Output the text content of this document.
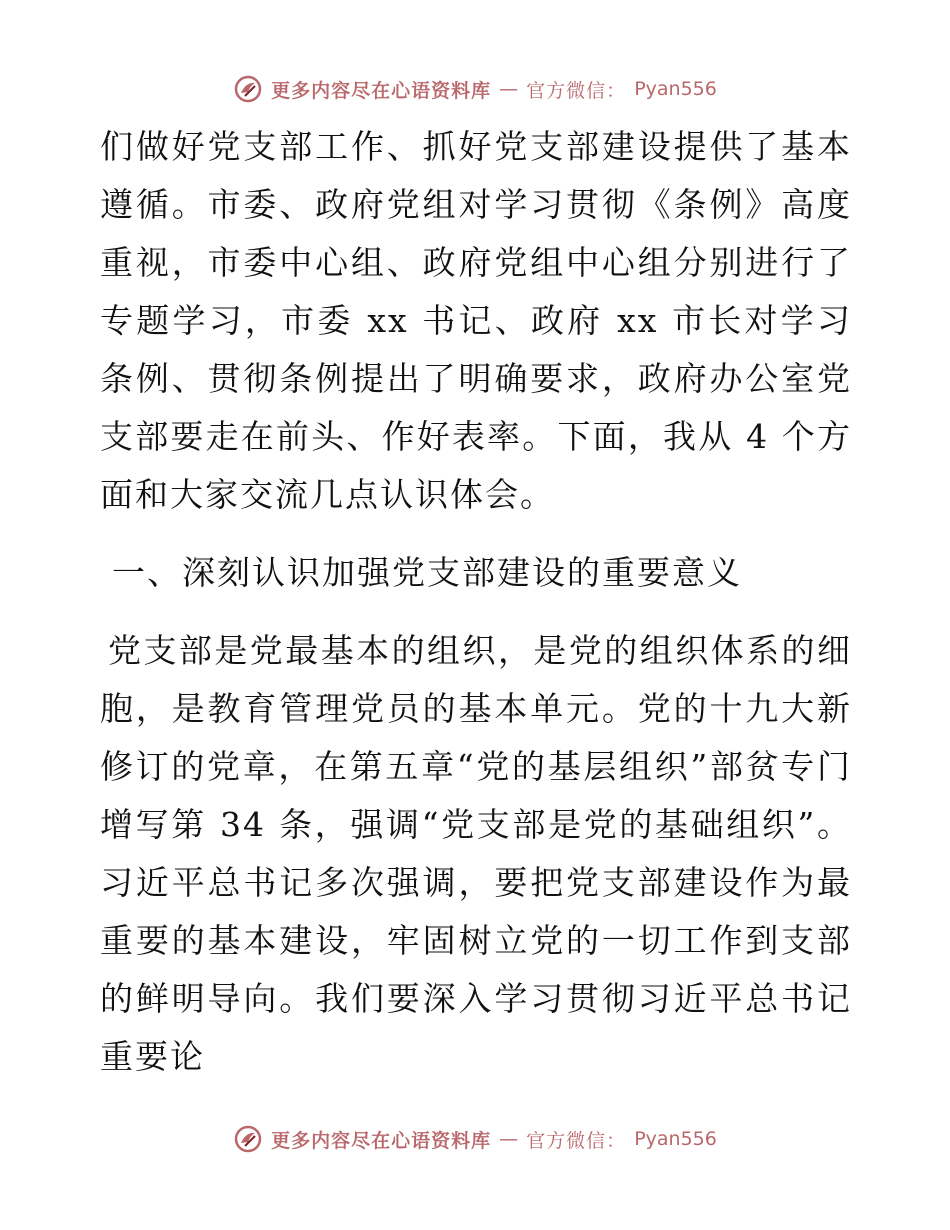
更多内容尽在心语资料库 — 官方微信： Pyan556

们做好党支部工作、抓好党支部建设提供了基本遵循。市委、政府党组对学习贯彻《条例》高度重视，市委中心组、政府党组中心组分别进行了专题学习，市委 xx 书记、政府 xx 市长对学习条例、贯彻条例提出了明确要求，政府办公室党支部要走在前头、作好表率。下面，我从 4 个方面和大家交流几点认识体会。

一、深刻认识加强党支部建设的重要意义

党支部是党最基本的组织，是党的组织体系的细胞，是教育管理党员的基本单元。党的十九大新修订的党章，在第五章“党的基层组织”部贫专门增写第 34 条，强调“党支部是党的基础组织”。习近平总书记多次强调，要把党支部建设作为最重要的基本建设，牢固树立党的一切工作到支部的鲜明导向。我们要深入学习贯彻习近平总书记重要论

更多内容尽在心语资料库 — 官方微信： Pyan556
